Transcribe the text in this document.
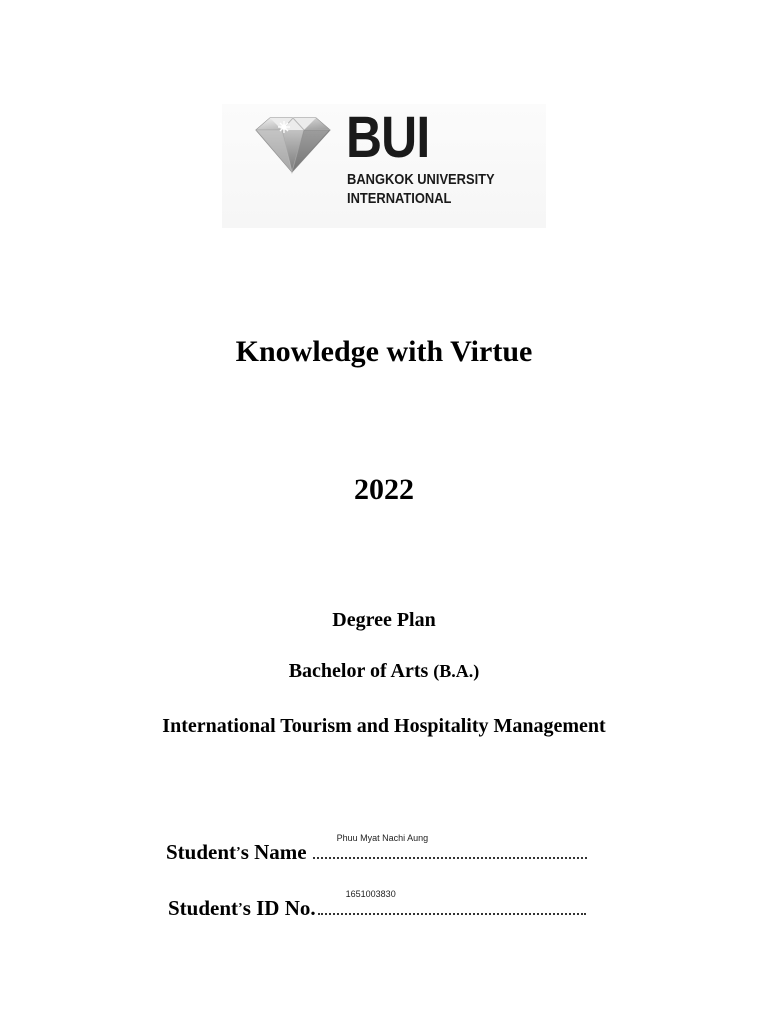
BUI
BANGKOK UNIVERSITY
INTERNATIONAL
Knowledge with Virtue
2022
Degree Plan
Bachelor of Arts (B.A.)
International Tourism and Hospitality Management
Student’s Name
Phuu Myat Nachi Aung
Student’s ID No.
1651003830
